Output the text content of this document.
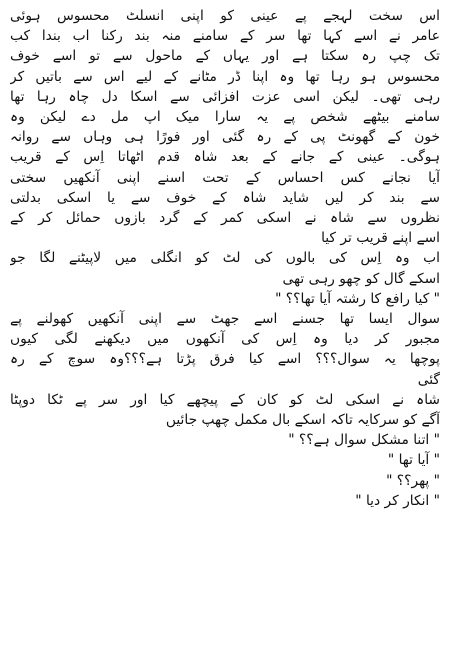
اس سخت لہجے پے عینی کو اپنی انسلٹ محسوس ہوئی
عامر نے اسے کہا تھا سر کے سامنے منہ بند رکنا اب بندا کب
تک چپ رہ سکتا ہے اور یہاں کے ماحول سے تو اسے خوف
محسوس ہو رہا تھا وہ اپنا ڈر مٹانے کے لیے اس سے باتیں کر
رہی تھی۔ لیکن اسی عزت افزائی سے اسکا دل چاہ رہا تھا
سامنے بیٹھے شخص پے یہ سارا میک اپ مل دے لیکن وہ
خون کے گھونٹ پی کے رہ گئی اور فورًا ہی وہاں سے روانہ
ہوگی۔ عینی کے جانے کے بعد شاہ قدم اٹھاتا اِس کے قریب
آیا نجانے کس احساس کے تحت اسنے اپنی آنکھیں سختی
سے بند کر لیں شاید شاہ کے خوف سے یا اسکی بدلتی
نظروں سے شاہ نے اسکی کمر کے گرد بازوں حمائل کر کے
اسے اپنے قریب تر کیا
اب وہ اِس کی بالوں کی لٹ کو انگلی میں لاپیٹنے لگا جو
اسکے گال کو چھو رہی تھی
" کیا رافع کا رشتہ آیا تھا؟؟ "
سوال ایسا تھا جسنے اسے جھٹ سے اپنی آنکھیں کھولنے پے
مجبور کر دیا وہ اِس کی آنکھوں میں دیکھنے لگی کیوں
پوچھا یہ سوال؟؟؟ اسے کیا فرق پڑتا ہے؟؟؟وہ سوچ کے رہ
گئی
شاہ نے اسکی لٹ کو کان کے پیچھے کیا اور سر پے ٹکا دوپٹا
آگے کو سرکایہ تاکہ اسکے بال مکمل چھپ جائیں
" اتنا مشکل سوال ہے؟؟ "
" آیا تھا "
" پھر؟؟ "
" انکار کر دیا "
